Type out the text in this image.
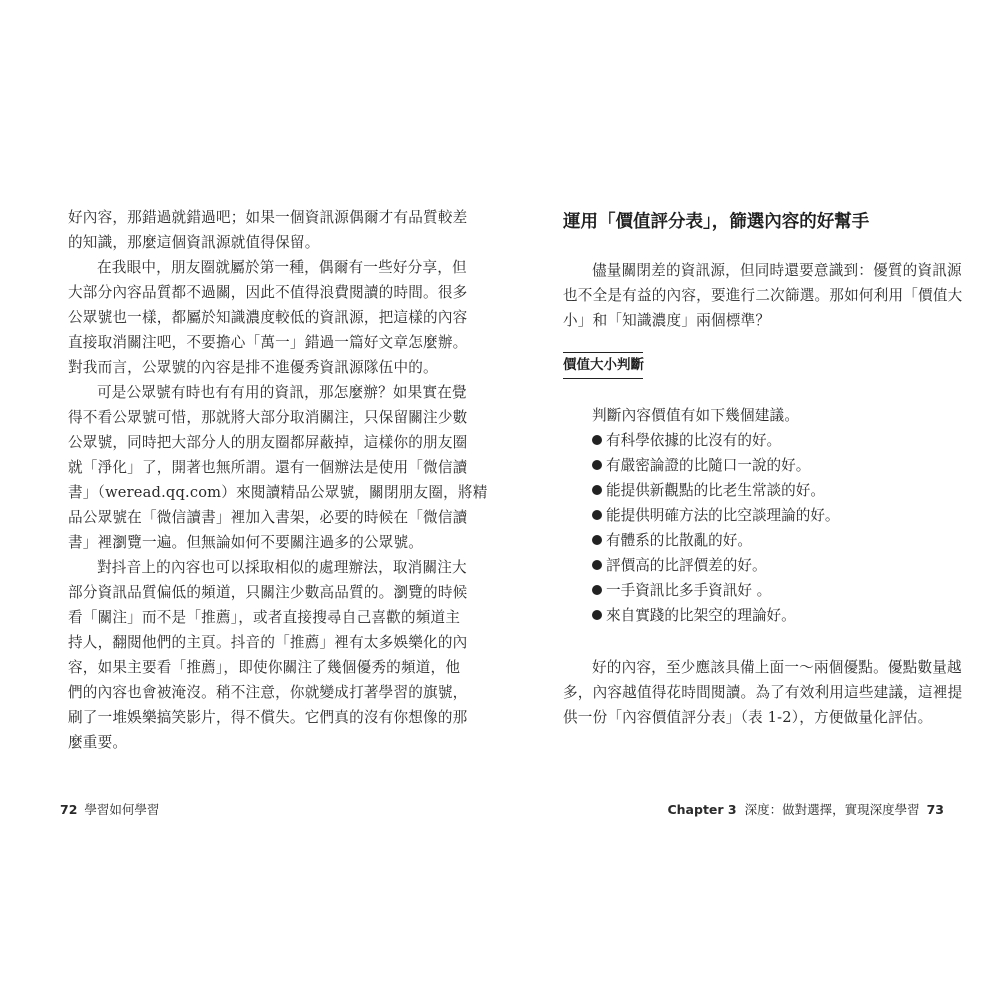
好內容，那錯過就錯過吧；如果一個資訊源偶爾才有品質較差
的知識，那麼這個資訊源就值得保留。
在我眼中，朋友圈就屬於第一種，偶爾有一些好分享，但
大部分內容品質都不過關，因此不值得浪費閱讀的時間。很多
公眾號也一樣，都屬於知識濃度較低的資訊源，把這樣的內容
直接取消關注吧，不要擔心「萬一」錯過一篇好文章怎麼辦。
對我而言，公眾號的內容是排不進優秀資訊源隊伍中的。
可是公眾號有時也有有用的資訊，那怎麼辦？如果實在覺
得不看公眾號可惜，那就將大部分取消關注，只保留關注少數
公眾號，同時把大部分人的朋友圈都屏蔽掉，這樣你的朋友圈
就「淨化」了，開著也無所謂。還有一個辦法是使用「微信讀
書」（weread.qq.com）來閱讀精品公眾號，關閉朋友圈，將精
品公眾號在「微信讀書」裡加入書架，必要的時候在「微信讀
書」裡瀏覽一遍。但無論如何不要關注過多的公眾號。
對抖音上的內容也可以採取相似的處理辦法，取消關注大
部分資訊品質偏低的頻道，只關注少數高品質的。瀏覽的時候
看「關注」而不是「推薦」，或者直接搜尋自己喜歡的頻道主
持人，翻閱他們的主頁。抖音的「推薦」裡有太多娛樂化的內
容，如果主要看「推薦」，即使你關注了幾個優秀的頻道，他
們的內容也會被淹沒。稍不注意，你就變成打著學習的旗號，
刷了一堆娛樂搞笑影片，得不償失。它們真的沒有你想像的那
麼重要。
72 學習如何學習
運用「價值評分表」，篩選內容的好幫手
儘量關閉差的資訊源，但同時還要意識到：優質的資訊源
也不全是有益的內容，要進行二次篩選。那如何利用「價值大
小」和「知識濃度」兩個標準？
價值大小判斷
判斷內容價值有如下幾個建議。
有科學依據的比沒有的好。
有嚴密論證的比隨口一說的好。
能提供新觀點的比老生常談的好。
能提供明確方法的比空談理論的好。
有體系的比散亂的好。
評價高的比評價差的好。
一手資訊比多手資訊好 。
來自實踐的比架空的理論好。
好的內容，至少應該具備上面一～兩個優點。優點數量越
多，內容越值得花時間閱讀。為了有效利用這些建議，這裡提
供一份「內容價值評分表」（表 1-2），方便做量化評估。
Chapter 3 深度：做對選擇，實現深度學習 73
